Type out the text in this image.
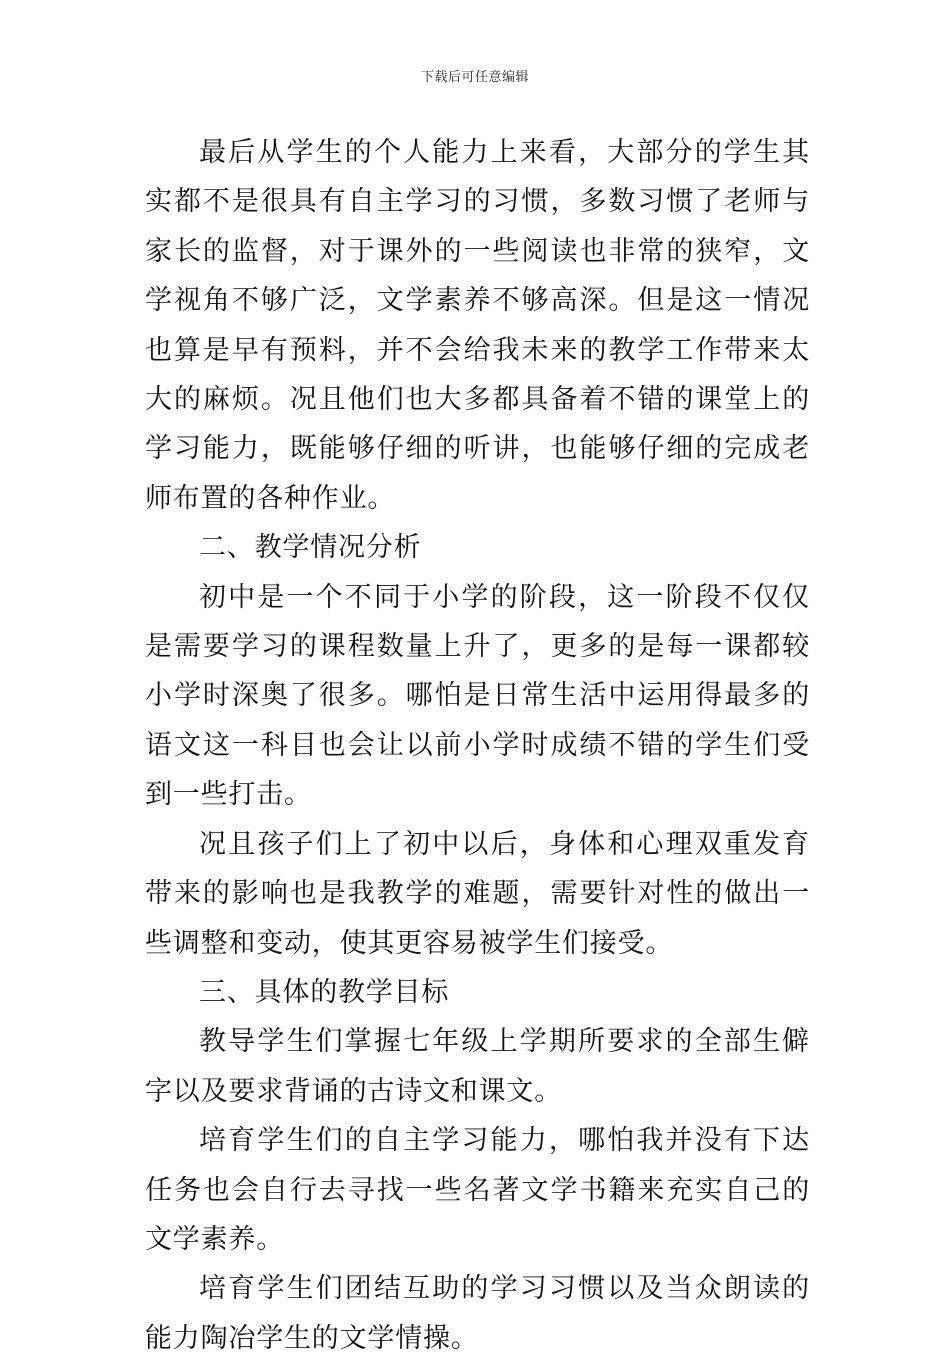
下载后可任意编辑

最后从学生的个人能力上来看，大部分的学生其实都不是很具有自主学习的习惯，多数习惯了老师与家长的监督，对于课外的一些阅读也非常的狭窄，文学视角不够广泛，文学素养不够高深。但是这一情况也算是早有预料，并不会给我未来的教学工作带来太大的麻烦。况且他们也大多都具备着不错的课堂上的学习能力，既能够仔细的听讲，也能够仔细的完成老师布置的各种作业。

二、教学情况分析

初中是一个不同于小学的阶段，这一阶段不仅仅是需要学习的课程数量上升了，更多的是每一课都较小学时深奥了很多。哪怕是日常生活中运用得最多的语文这一科目也会让以前小学时成绩不错的学生们受到一些打击。

况且孩子们上了初中以后，身体和心理双重发育带来的影响也是我教学的难题，需要针对性的做出一些调整和变动，使其更容易被学生们接受。

三、具体的教学目标

教导学生们掌握七年级上学期所要求的全部生僻字以及要求背诵的古诗文和课文。

培育学生们的自主学习能力，哪怕我并没有下达任务也会自行去寻找一些名著文学书籍来充实自己的文学素养。

培育学生们团结互助的学习习惯以及当众朗读的能力陶冶学生的文学情操。
